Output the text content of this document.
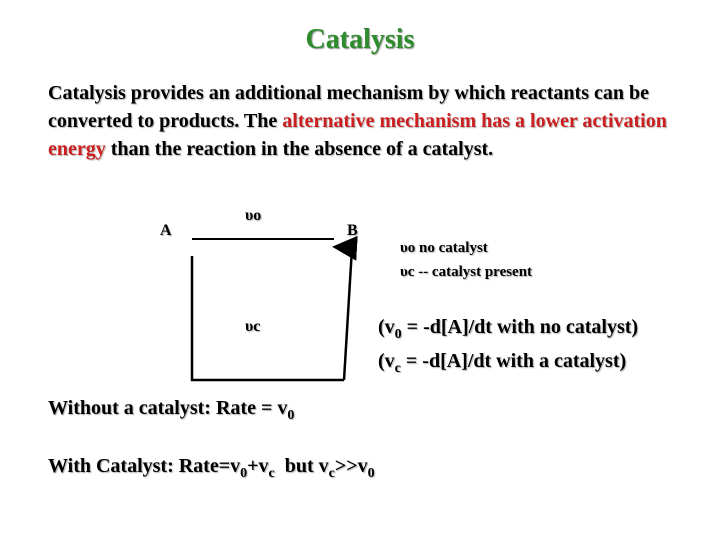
Catalysis
Catalysis provides an additional mechanism by which reactants can be converted to products. The alternative mechanism has a lower activation energy than the reaction in the absence of a catalyst.
A	B
υo
υc
υo no catalyst
υc -- catalyst present
($v_0 = -d[A]/dt$ with no catalyst)
($v_c = -d[A]/dt$ with a catalyst)
Without a catalyst: Rate = $v_0$
With Catalyst: $Rate=v_0+v_c$  but $v_c>>v_0$
